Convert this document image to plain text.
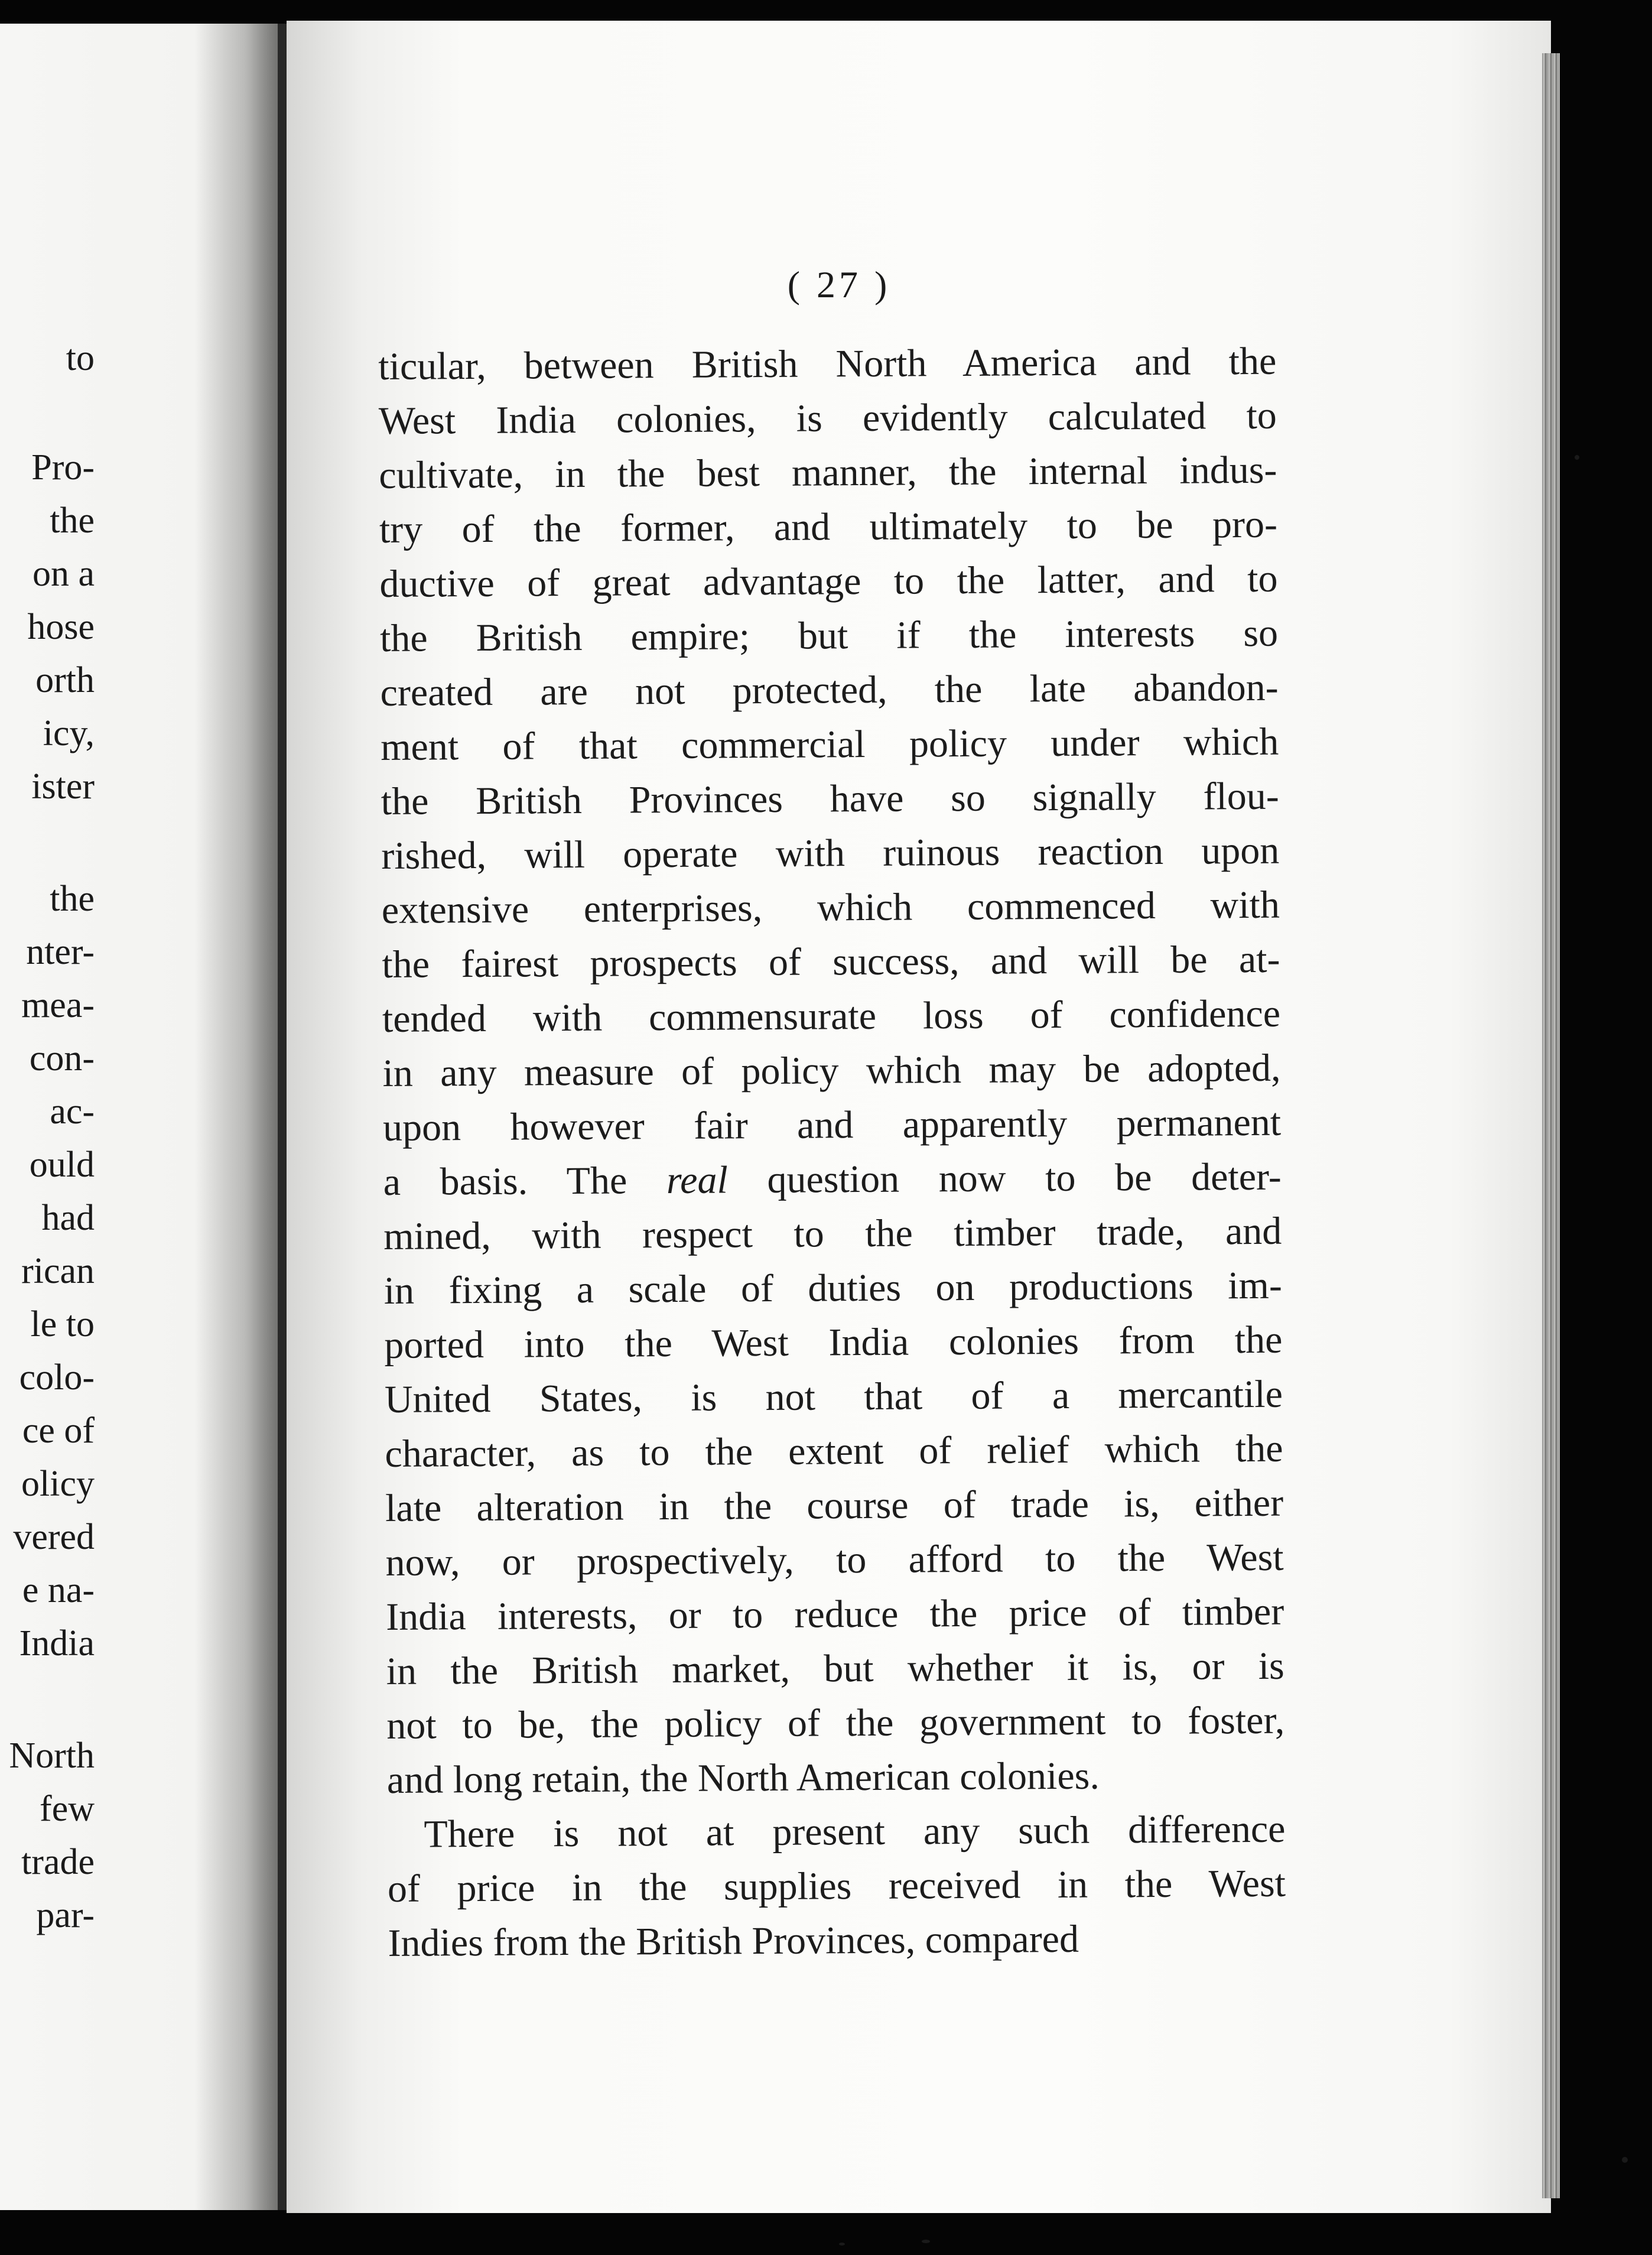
to
Pro-
the
on a
hose
orth
icy,
ister
the
nter-
mea-
con-
ac-
ould
had
rican
le to
colo-
ce of
olicy
vered
e na-
India
North
few
trade
par-
( 27 )
ticular, between British North America and the
West India colonies, is evidently calculated to
cultivate, in the best manner, the internal indus-
try of the former, and ultimately to be pro-
ductive of great advantage to the latter, and to
the British empire; but if the interests so
created are not protected, the late abandon-
ment of that commercial policy under which
the British Provinces have so signally flou-
rished, will operate with ruinous reaction upon
extensive enterprises, which commenced with
the fairest prospects of success, and will be at-
tended with commensurate loss of confidence
in any measure of policy which may be adopted,
upon however fair and apparently permanent
a basis. The real question now to be deter-
mined, with respect to the timber trade, and
in fixing a scale of duties on productions im-
ported into the West India colonies from the
United States, is not that of a mercantile
character, as to the extent of relief which the
late alteration in the course of trade is, either
now, or prospectively, to afford to the West
India interests, or to reduce the price of timber
in the British market, but whether it is, or is
not to be, the policy of the government to foster,
and long retain, the North American colonies.
There is not at present any such difference
of price in the supplies received in the West
Indies from the British Provinces, compared
